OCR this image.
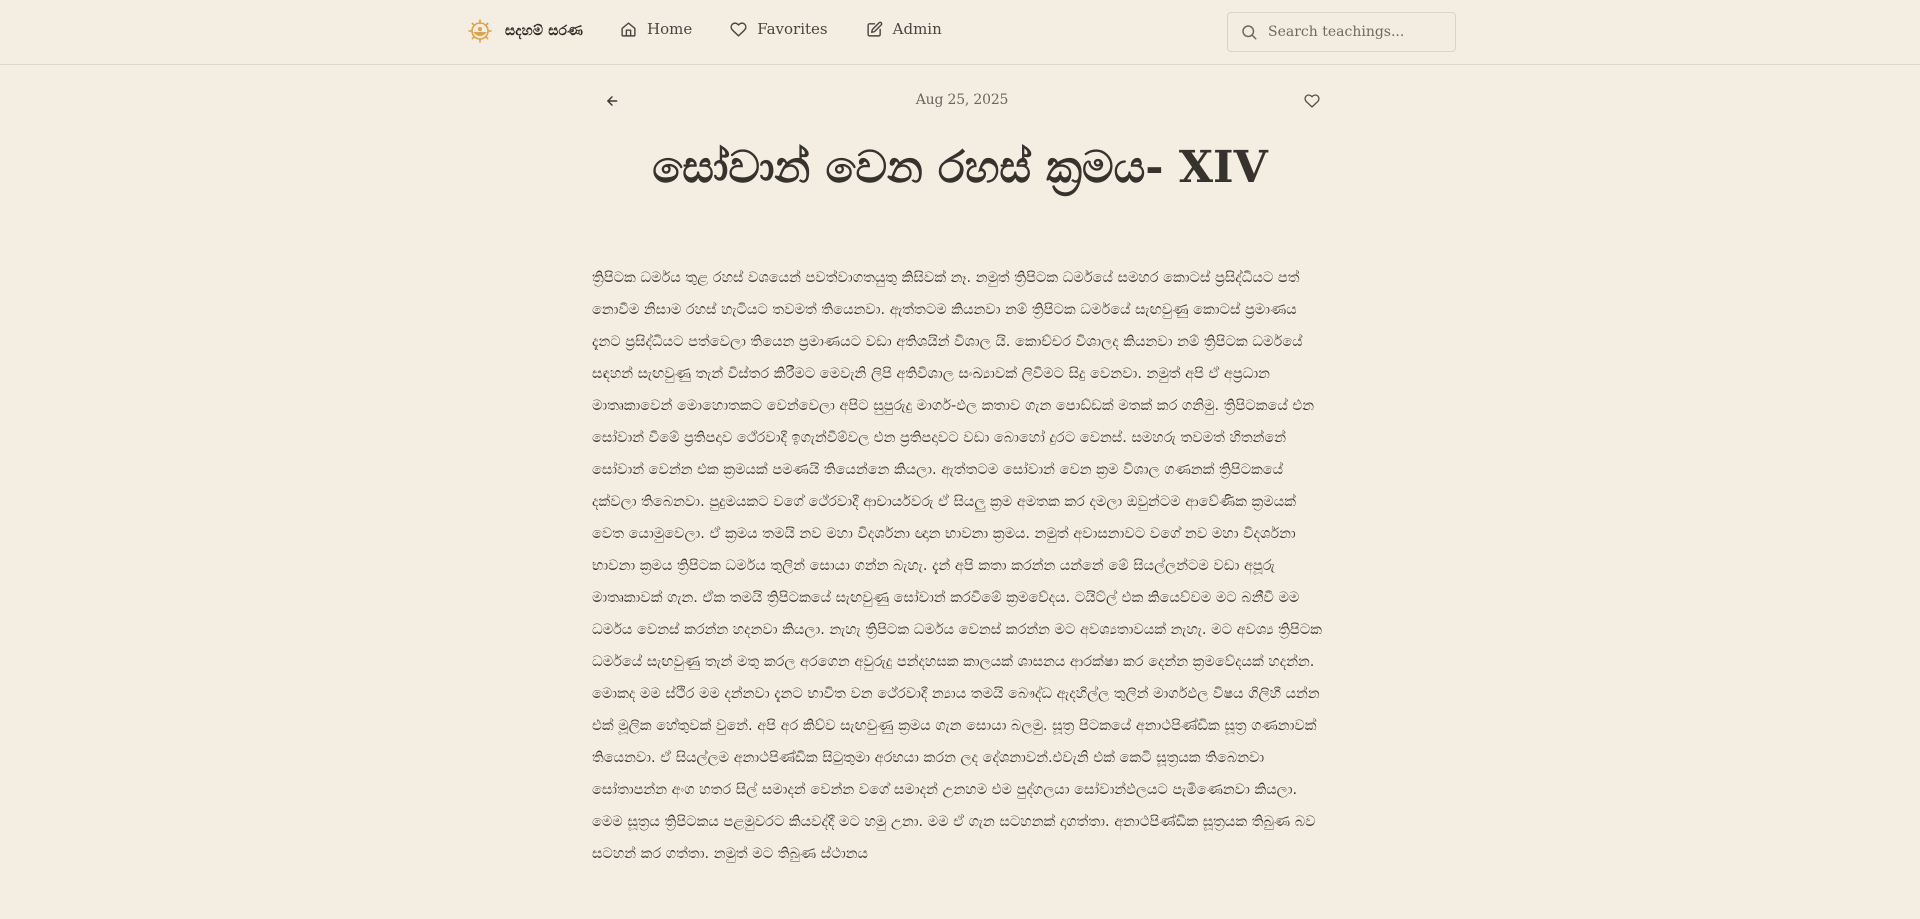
සදහම් සරණ	Home	Favorites	Admin
Search teachings...
Aug 25, 2025
සෝවාන් වෙන රහස් ක්‍රමය- XIV

ත්‍රිපිටක ධර්මය තුළ රහස් වශයෙන් පවත්වාගතයුතු කිසිවක් නෑ. නමුත් ත්‍රිපිටක ධර්මයේ සමහර කොටස් ප්‍රසිද්ධියට පත් නොවීම නිසාම රහස් හැටියට තවමත් තියෙනවා. ඇත්තටම කියනවා නම් ත්‍රිපිටක ධර්මයේ සැඟවුණු කොටස් ප්‍රමාණය දැනට ප්‍රසිද්ධියට පත්වෙලා තියෙන ප්‍රමාණයට වඩා අතිශයින් විශාල යි. කොච්චර විශාලද කියනවා නම් ත්‍රිපිටක ධර්මයේ සඳහන් සැඟවුණු තැන් විස්තර කිරීමට මෙවැනි ලිපි අතිවිශාල සංඛ්‍යාවක් ලිවීමට සිදු වෙනවා. නමුත් අපි ඒ අප්‍රධාන මාතෘකාවෙන් මොහොතකට වෙන්වෙලා අපිට සුපුරුදු මාර්ග-ඵල කතාව ගැන පොඩ්ඩක් මතක් කර ගනිමු. ත්‍රිපිටකයේ එන සෝවාන් වීමේ ප්‍රතිපදාව ථේරවාදී ඉගැන්වීම්වල එන ප්‍රතිපදාවට වඩා බොහෝ දුරට වෙනස්. සමහරු තවමත් හිතන්නේ සෝවාන් වෙන්න එක ක්‍රමයක් පමණයි තියෙන්නෙ කියලා. ඇත්තටම සෝවාන් වෙන ක්‍රම විශාල ගණනක් ත්‍රිපිටකයේ දක්වලා තිබෙනවා. පුදුමයකට වගේ ථේරවාදී ආචාර්යවරු ඒ සියලු ක්‍රම අමතක කර දමලා ඔවුන්ටම ආවේණික ක්‍රමයක් වෙත යොමුවෙලා. ඒ ක්‍රමය තමයි නව මහා විදර්ශනා ඥාන භාවනා ක්‍රමය. නමුත් අවාසනාවට වගේ නව මහා විදර්ශනා භාවනා ක්‍රමය ත්‍රිපිටක ධර්මය තුලින් සොයා ගන්න බැහැ. දැන් අපි කතා කරන්න යන්නේ මේ සියල්ලන්ටම වඩා අපූරු මාතෘකාවක් ගැන. ඒක තමයි ත්‍රිපිටකයේ සැඟවුණු සෝවාන් කරවීමේ ක්‍රමවේදය. ටයිට්ල් එක කියෙව්වම මට බනීවී මම ධර්මය වෙනස් කරන්න හදනවා කියලා. නැහැ ත්‍රිපිටක ධර්මය වෙනස් කරන්න මට අවශ්‍යතාවයක් නැහැ. මට අවශ්‍ය ත්‍රිපිටක ධර්මයේ සැඟවුණු තැන් මතු කරල අරගෙන අවුරුදු පන්දහසක කාලයක් ශාසනය ආරක්ෂා කර දෙන්න ක්‍රමවේදයක් හදන්න. මොකද මම ස්ථිර මම දන්නවා දැනට භාවිත වන ථේරවාදී න්‍යාය තමයි බෞද්ධ ඇදහිල්ල තුලින් මාර්ගඵල විෂය ගිලිහී යන්න එක් මූලික හේතුවක් වුනේ. අපි අර කිව්ව සැඟවුණු ක්‍රමය ගැන සොයා බලමු. සූත්‍ර පිටකයේ අනාථපිණ්ඩික සූත්‍ර ගණනාවක් තියෙනවා. ඒ සියල්ලම අනාථපිණ්ඩික සිටුතුමා අරභයා කරන ලද දේශනාවන්.එවැනි එක් කෙටි සූත්‍රයක තිබෙනවා සෝතාපන්න අංග හතර සිල් සමාදන් වෙන්න වගේ සමාදන් උනහම එම පුද්ගලයා සෝවාන්ඵලයට පැමිණෙනවා කියලා. මෙම සූත්‍රය ත්‍රිපිටකය පළමුවරට කියවද්දී මට හමු උනා. මම ඒ ගැන සටහනක් දාගත්තා. අනාථපිණ්ඩික සූත්‍රයක තිබුණ බව සටහන් කර ගත්තා. නමුත් මට තිබුණ ස්ථානය
